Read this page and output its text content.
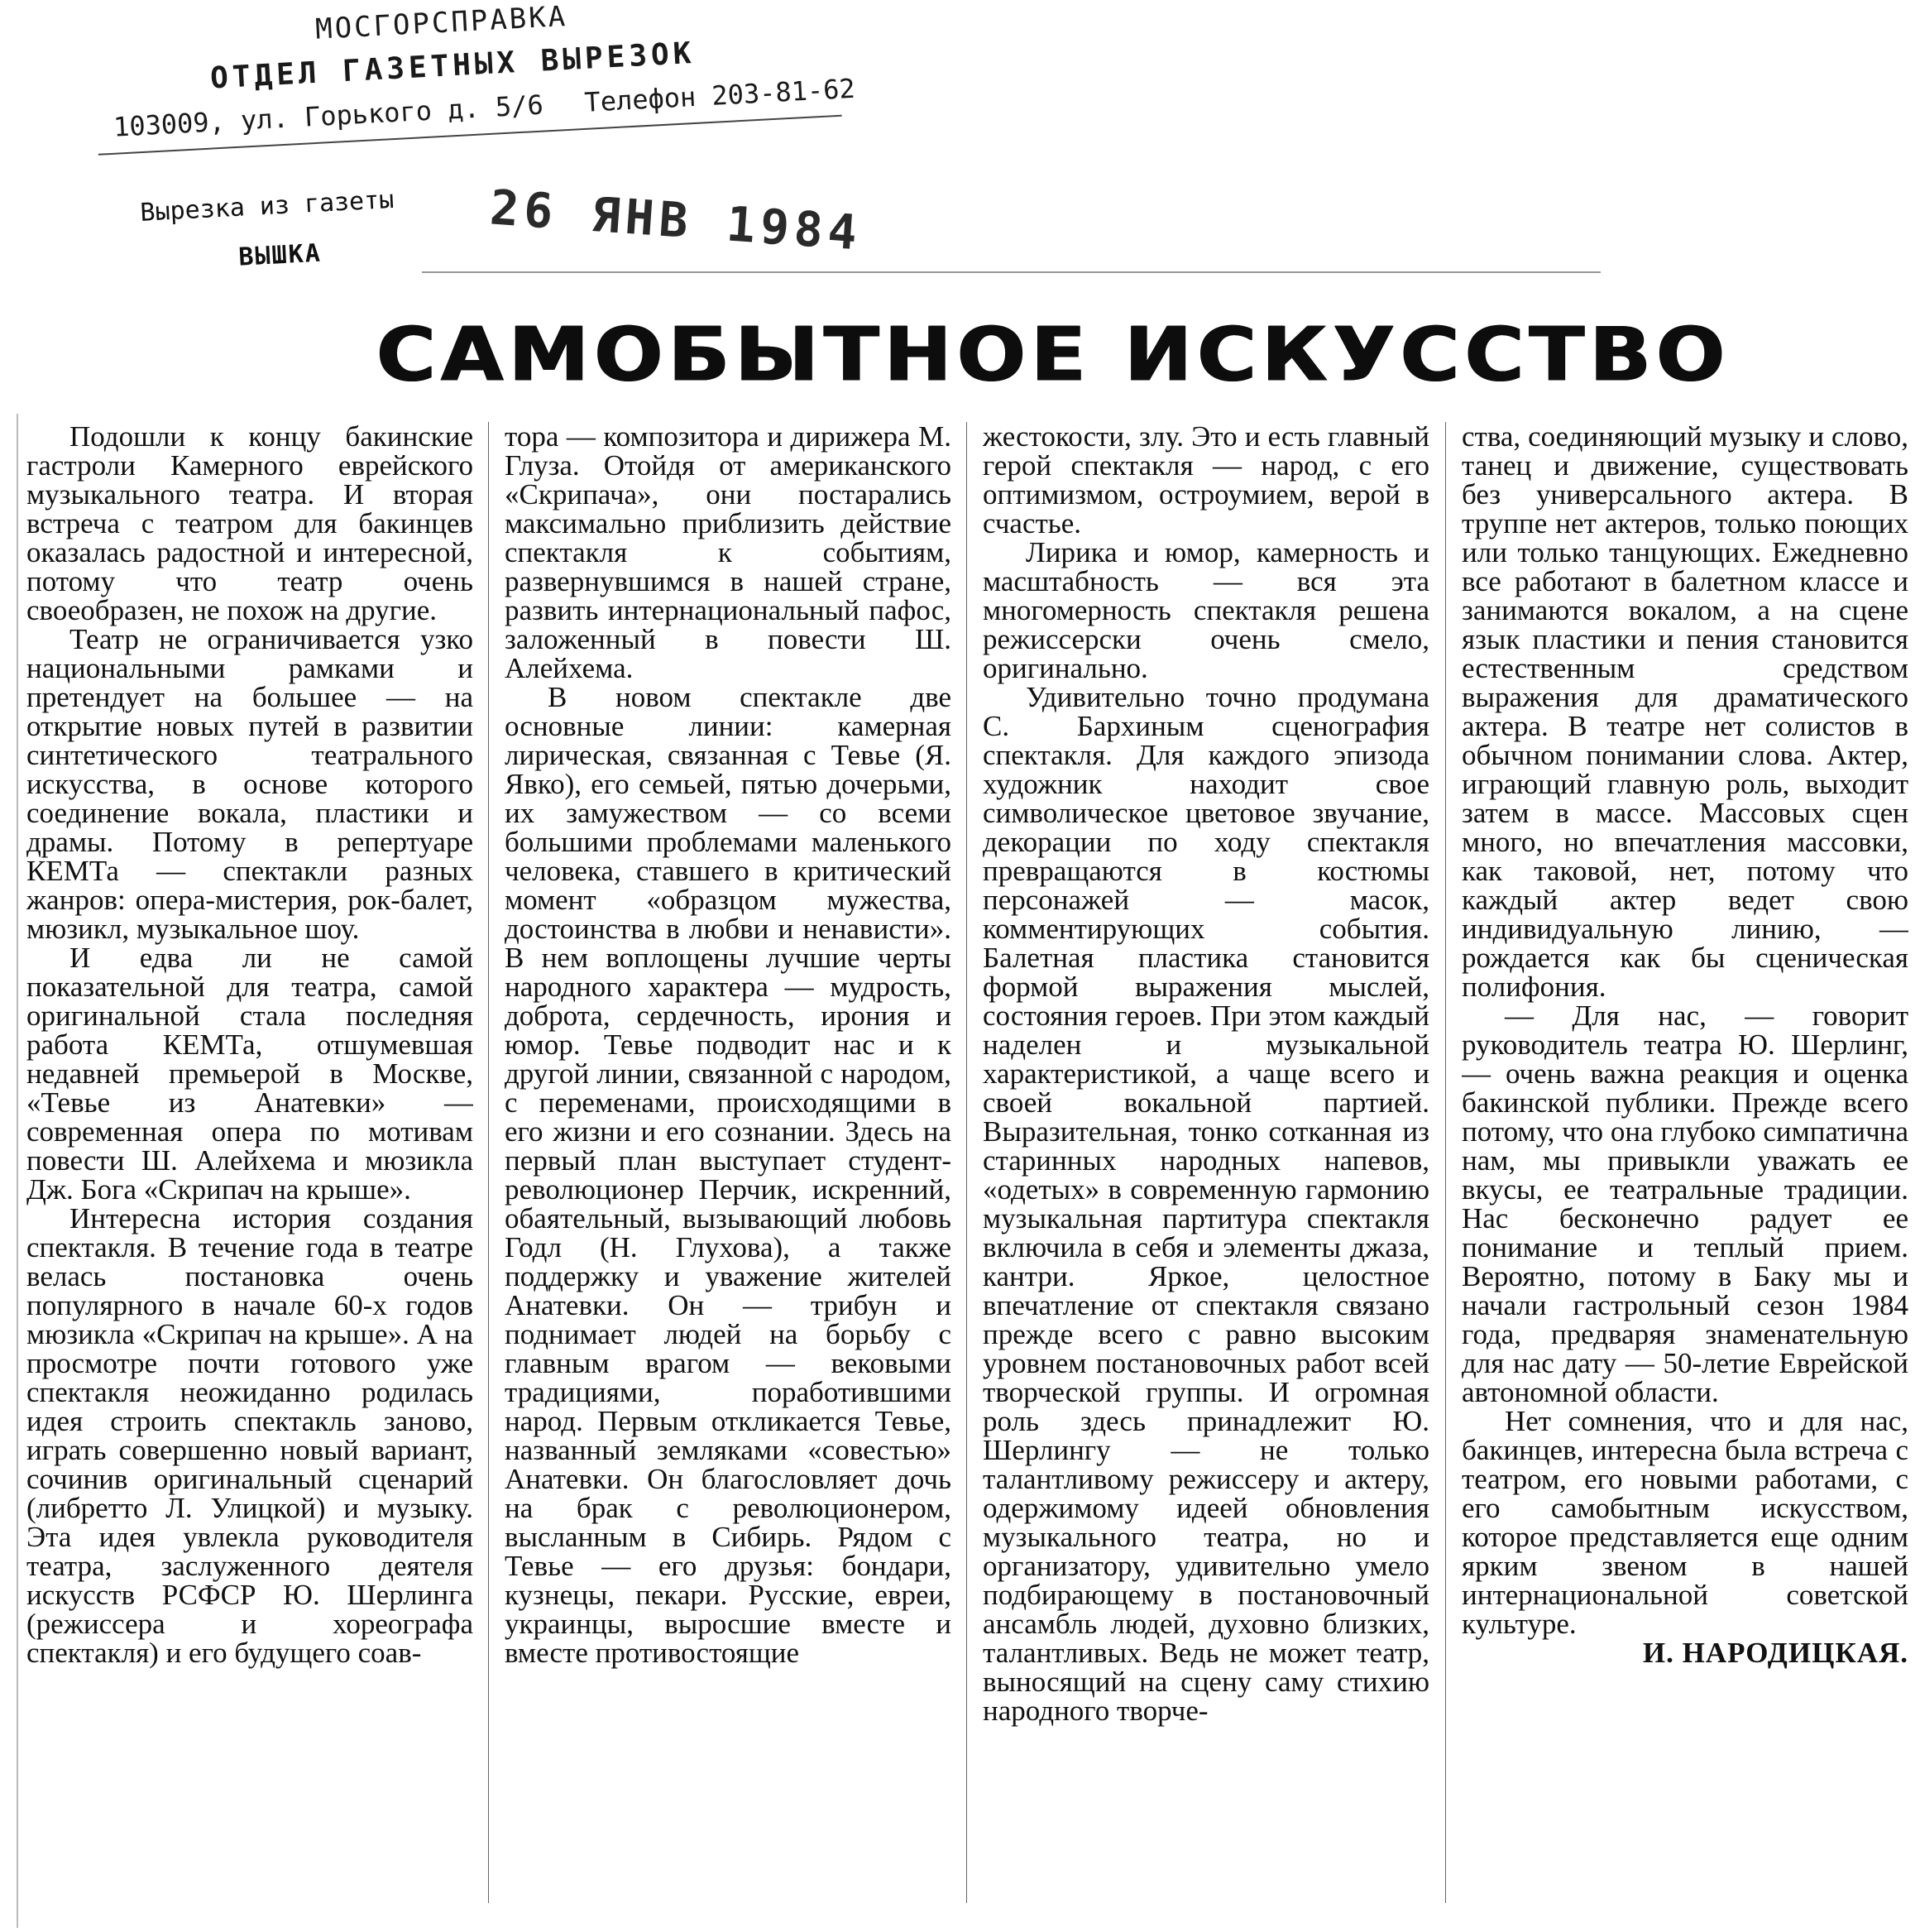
МОСГОРСПРАВКА
ОТДЕЛ ГАЗЕТНЫХ ВЫРЕЗОК
103009, ул. Горького д. 5/6 Телефон 203-81-62
Вырезка из газеты
ВЫШКА	26 ЯНВ 1984
САМОБЫТНОЕ ИСКУССТВО

Подошли к концу бакинские гастроли Камерного еврейского музыкального театра. И вторая встреча с театром для бакинцев оказалась радостной и интересной, потому что театр очень своеобразен, не похож на другие.

Театр не ограничивается узко национальными рамками и претендует на большее — на открытие новых путей в развитии синтетического театрального искусства, в основе которого соединение вокала, пластики и драмы. Потому в репертуаре КЕМТа — спектакли разных жанров: опера-мистерия, рок-балет, мюзикл, музыкальное шоу.

И едва ли не самой показательной для театра, самой оригинальной стала последняя работа КЕМТа, отшумевшая недавней премьерой в Москве, «Тевье из Анатевки» — современная опера по мотивам повести Ш. Алейхема и мюзикла Дж. Бога «Скрипач на крыше».

Интересна история создания спектакля. В течение года в театре велась постановка очень популярного в начале 60-х годов мюзикла «Скрипач на крыше». А на просмотре почти готового уже спектакля неожиданно родилась идея строить спектакль заново, играть совершенно новый вариант, сочинив оригинальный сценарий (либретто Л. Улицкой) и музыку. Эта идея увлекла руководителя театра, заслуженного деятеля искусств РСФСР Ю. Шерлинга (режиссера и хореографа спектакля) и его будущего соав-

тора — композитора и дирижера М. Глуза. Отойдя от американского «Скрипача», они постарались максимально приблизить действие спектакля к событиям, развернувшимся в нашей стране, развить интернациональный пафос, заложенный в повести Ш. Алейхема.

В новом спектакле две основные линии: камерная лирическая, связанная с Тевье (Я. Явко), его семьей, пятью дочерьми, их замужеством — со всеми большими проблемами маленького человека, ставшего в критический момент «образцом мужества, достоинства в любви и ненависти». В нем воплощены лучшие черты народного характера — мудрость, доброта, сердечность, ирония и юмор. Тевье подводит нас и к другой линии, связанной с народом, с переменами, происходящими в его жизни и его сознании. Здесь на первый план выступает студент-революционер Перчик, искренний, обаятельный, вызывающий любовь Годл (Н. Глухова), а также поддержку и уважение жителей Анатевки. Он — трибун и поднимает людей на борьбу с главным врагом — вековыми традициями, поработившими народ. Первым откликается Тевье, названный земляками «совестью» Анатевки. Он благословляет дочь на брак с революционером, высланным в Сибирь. Рядом с Тевье — его друзья: бондари, кузнецы, пекари. Русские, евреи, украинцы, выросшие вместе и вместе противостоящие

жестокости, злу. Это и есть главный герой спектакля — народ, с его оптимизмом, остроумием, верой в счастье.

Лирика и юмор, камерность и масштабность — вся эта многомерность спектакля решена режиссерски очень смело, оригинально.

Удивительно точно продумана С. Бархиным сценография спектакля. Для каждого эпизода художник находит свое символическое цветовое звучание, декорации по ходу спектакля превращаются в костюмы персонажей — масок, комментирующих события. Балетная пластика становится формой выражения мыслей, состояния героев. При этом каждый наделен и музыкальной характеристикой, а чаще всего и своей вокальной партией. Выразительная, тонко сотканная из старинных народных напевов, «одетых» в современную гармонию музыкальная партитура спектакля включила в себя и элементы джаза, кантри. Яркое, целостное впечатление от спектакля связано прежде всего с равно высоким уровнем постановочных работ всей творческой группы. И огромная роль здесь принадлежит Ю. Шерлингу — не только талантливому режиссеру и актеру, одержимому идеей обновления музыкального театра, но и организатору, удивительно умело подбирающему в постановочный ансамбль людей, духовно близких, талантливых. Ведь не может театр, выносящий на сцену саму стихию народного творче-

ства, соединяющий музыку и слово, танец и движение, существовать без универсального актера. В труппе нет актеров, только поющих или только танцующих. Ежедневно все работают в балетном классе и занимаются вокалом, а на сцене язык пластики и пения становится естественным средством выражения для драматического актера. В театре нет солистов в обычном понимании слова. Актер, играющий главную роль, выходит затем в массе. Массовых сцен много, но впечатления массовки, как таковой, нет, потому что каждый актер ведет свою индивидуальную линию, — рождается как бы сценическая полифония.

— Для нас, — говорит руководитель театра Ю. Шерлинг, — очень важна реакция и оценка бакинской публики. Прежде всего потому, что она глубоко симпатична нам, мы привыкли уважать ее вкусы, ее театральные традиции. Нас бесконечно радует ее понимание и теплый прием. Вероятно, потому в Баку мы и начали гастрольный сезон 1984 года, предваряя знаменательную для нас дату — 50-летие Еврейской автономной области.

Нет сомнения, что и для нас, бакинцев, интересна была встреча с театром, его новыми работами, с его самобытным искусством, которое представляется еще одним ярким звеном в нашей интернациональной советской культуре.

И. НАРОДИЦКАЯ.
